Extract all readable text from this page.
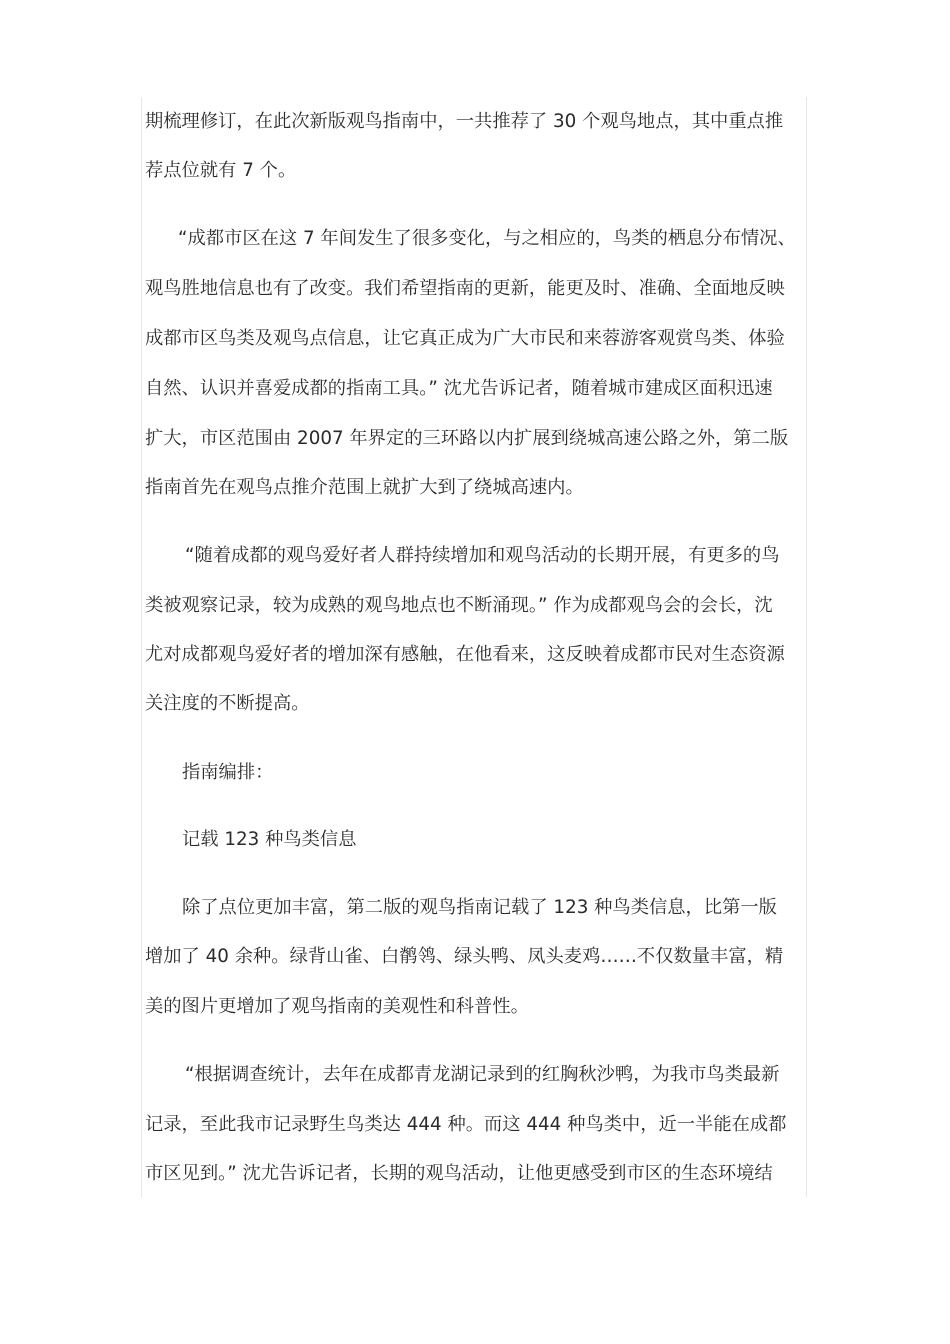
期梳理修订，在此次新版观鸟指南中，一共推荐了 30 个观鸟地点，其中重点推
荐点位就有 7 个。
“成都市区在这 7 年间发生了很多变化，与之相应的，鸟类的栖息分布情况、
观鸟胜地信息也有了改变。我们希望指南的更新，能更及时、准确、全面地反映
成都市区鸟类及观鸟点信息，让它真正成为广大市民和来蓉游客观赏鸟类、体验
自然、认识并喜爱成都的指南工具。” 沈尤告诉记者，随着城市建成区面积迅速
扩大，市区范围由 2007 年界定的三环路以内扩展到绕城高速公路之外，第二版
指南首先在观鸟点推介范围上就扩大到了绕城高速内。
“随着成都的观鸟爱好者人群持续增加和观鸟活动的长期开展，有更多的鸟
类被观察记录，较为成熟的观鸟地点也不断涌现。” 作为成都观鸟会的会长，沈
尤对成都观鸟爱好者的增加深有感触，在他看来，这反映着成都市民对生态资源
关注度的不断提高。
指南编排：
记载 123 种鸟类信息
除了点位更加丰富，第二版的观鸟指南记载了 123 种鸟类信息，比第一版
增加了 40 余种。绿背山雀、白鹡鸰、绿头鸭、凤头麦鸡……不仅数量丰富，精
美的图片更增加了观鸟指南的美观性和科普性。
“根据调查统计，去年在成都青龙湖记录到的红胸秋沙鸭，为我市鸟类最新
记录，至此我市记录野生鸟类达 444 种。而这 444 种鸟类中，近一半能在成都
市区见到。” 沈尤告诉记者，长期的观鸟活动，让他更感受到市区的生态环境结
